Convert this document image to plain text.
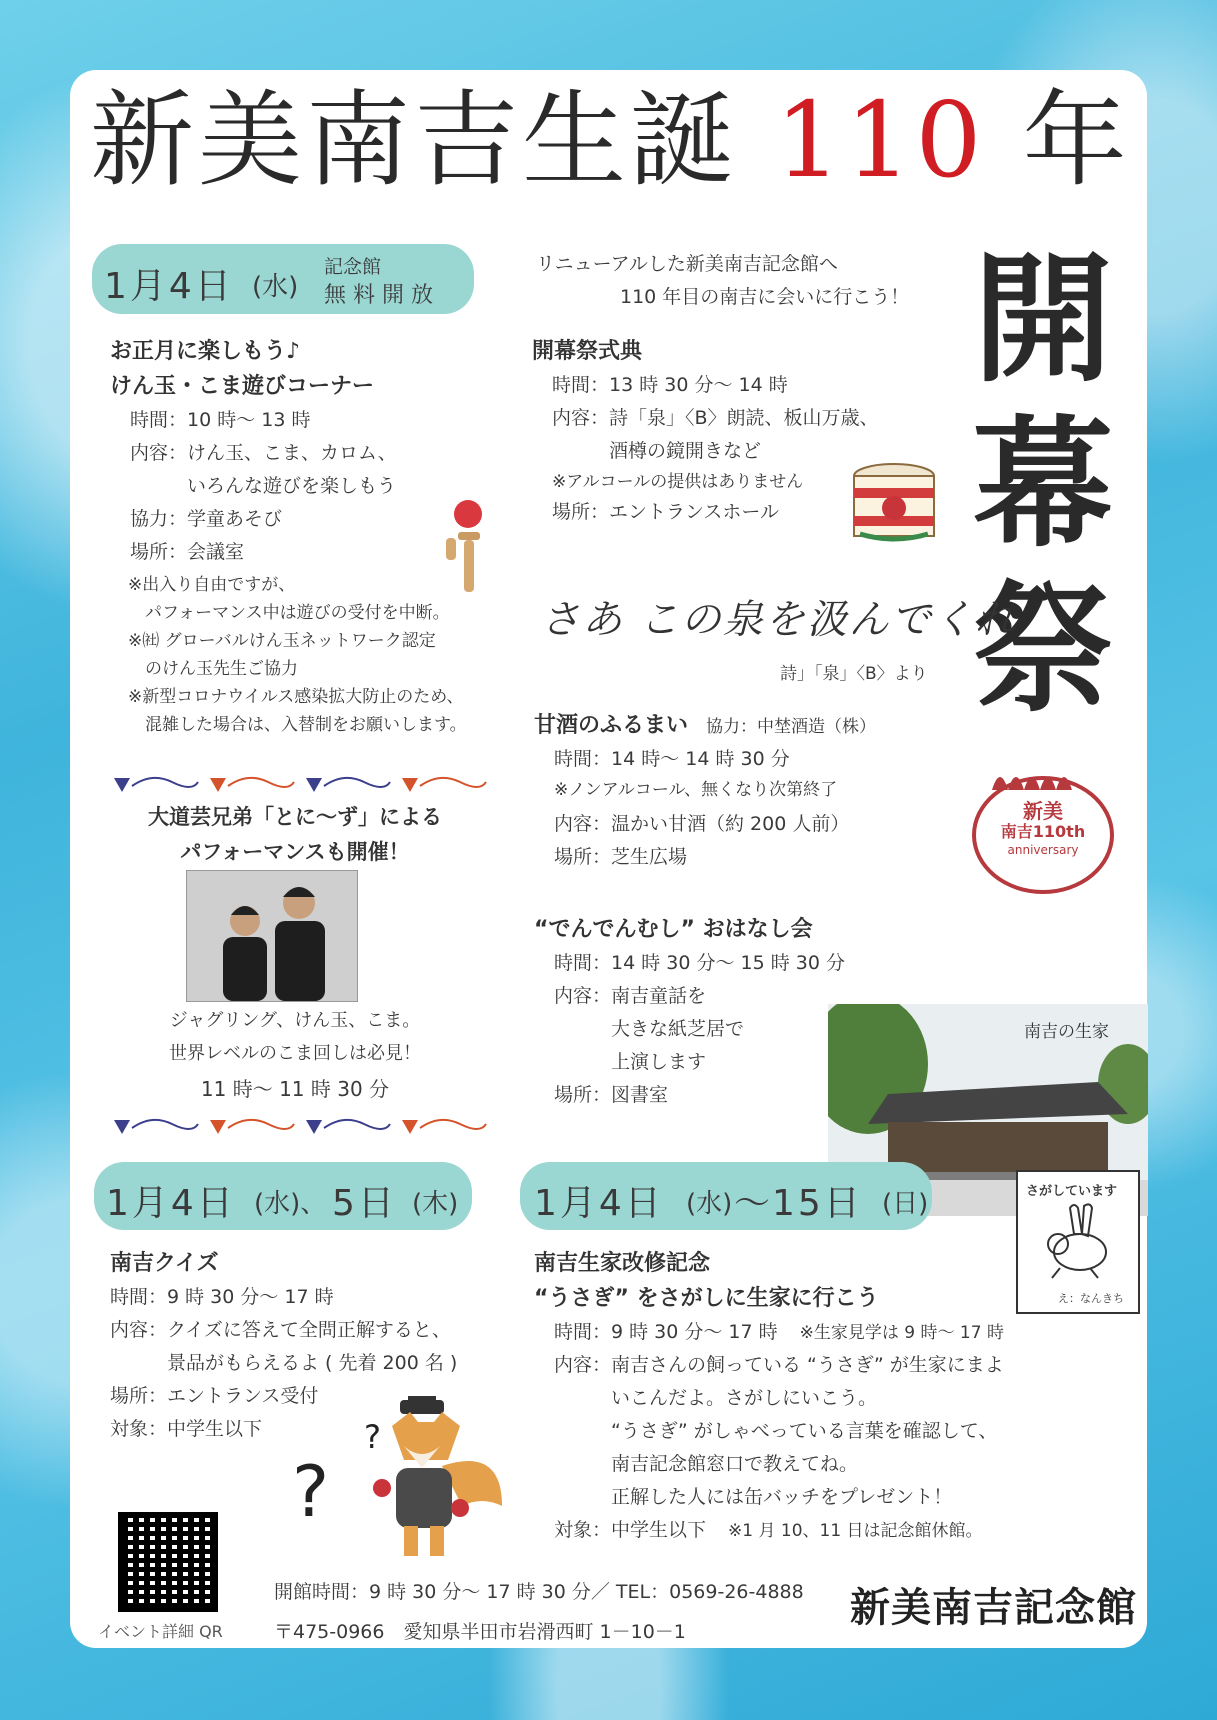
新美南吉生誕 110 年
開
幕
祭
1月4日 (水)
記念館
無 料 開 放
お正月に楽しもう♪
けん玉・こま遊びコーナー
時間：10 時～ 13 時
内容：けん玉、こま、カロム、
　　　いろんな遊びを楽しもう
協力：学童あそび
場所：会議室
※出入り自由ですが、
　パフォーマンス中は遊びの受付を中断。
※㈳ グローバルけん玉ネットワーク認定
　のけん玉先生ご協力
※新型コロナウイルス感染拡大防止のため、
　混雑した場合は、入替制をお願いします。
大道芸兄弟「とに～ず」による
パフォーマンスも開催！
ジャグリング、けん玉、こま。
世界レベルのこま回しは必見！
11 時～ 11 時 30 分
リニューアルした新美南吉記念館へ
110 年目の南吉に会いに行こう！
開幕祭式典
時間：13 時 30 分～ 14 時
内容：詩「泉」〈B〉朗読、板山万歳、
　　　酒樽の鏡開きなど
※アルコールの提供はありません
場所：エントランスホール
さあ この泉を汲んでくれ
詩」「泉」〈B〉より
甘酒のふるまい 協力：中埜酒造（株）
時間：14 時～ 14 時 30 分
※ノンアルコール、無くなり次第終了
内容：温かい甘酒（約 200 人前）
場所：芝生広場
新美
南吉110th
anniversary
“でんでんむし” おはなし会
時間：14 時 30 分～ 15 時 30 分
内容：南吉童話を
　　　大きな紙芝居で
　　　上演します
場所：図書室
南吉の生家
1月4日 (水)、 5日 (木) 1月4日 (水) ～
15日 (日)
南吉クイズ
時間：9 時 30 分～ 17 時
内容：クイズに答えて全問正解すると、
　　　景品がもらえるよ ( 先着 200 名 )
場所：エントランス受付
対象：中学生以下
?
?
南吉生家改修記念
“うさぎ” をさがしに生家に行こう
時間：9 時 30 分～ 17 時 ※生家見学は 9 時～ 17 時
内容：南吉さんの飼っている “うさぎ” が生家にまよ
　　　いこんだよ。さがしにいこう。
　　　“うさぎ” がしゃべっている言葉を確認して、
　　　南吉記念館窓口で教えてね。
　　　正解した人には缶バッチをプレゼント！
対象：中学生以下 ※1 月 10、11 日は記念館休館。
さがしています
え：なんきち
イベント詳細 QR
開館時間：9 時 30 分～ 17 時 30 分／ TEL：0569-26-4888
〒475-0966　愛知県半田市岩滑西町 1－10－1
新美南吉記念館
